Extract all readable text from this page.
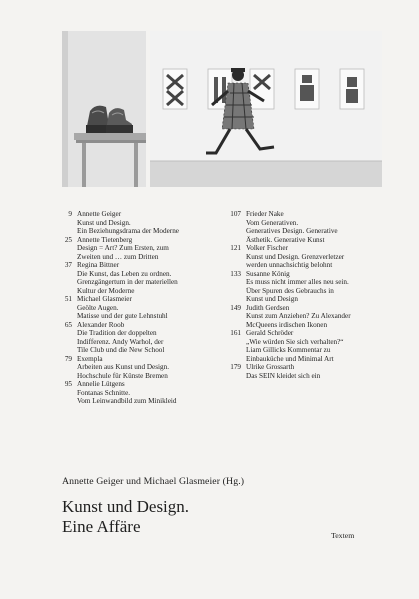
9 Annette Geiger
Kunst und Design.
Ein Beziehungsdrama der Moderne
25 Annette Tietenberg
Design = Art? Zum Ersten, zum
Zweiten und … zum Dritten
37 Regina Bittner
Die Kunst, das Leben zu ordnen.
Grenzgängertum in der materiellen
Kultur der Moderne
51 Michael Glasmeier
Geölte Augen.
Matisse und der gute Lehnstuhl
65 Alexander Roob
Die Tradition der doppelten
Indifferenz. Andy Warhol, der
Tile Club und die New School
79 Exempla
Arbeiten aus Kunst und Design.
Hochschule für Künste Bremen
95 Annelie Lütgens
Fontanas Schnitte.
Vom Leinwandbild zum Minikleid
107 Frieder Nake
Vom Generativen.
Generatives Design. Generative
Ästhetik. Generative Kunst
121 Volker Fischer
Kunst und Design. Grenzverletzer
werden unnachsichtig belohnt
133 Susanne König
Es muss nicht immer alles neu sein.
Über Spuren des Gebrauchs in
Kunst und Design
149 Judith Gerdsen
Kunst zum Anziehen? Zu Alexander
McQueens irdischen Ikonen
161 Gerald Schröder
„Wie würden Sie sich verhalten?“
Liam Gillicks Kommentar zu
Einbauküche und Minimal Art
179 Ulrike Grossarth
Das SEIN kleidet sich ein
Annette Geiger und Michael Glasmeier (Hg.)
Kunst und Design.
Eine Affäre	Textem
